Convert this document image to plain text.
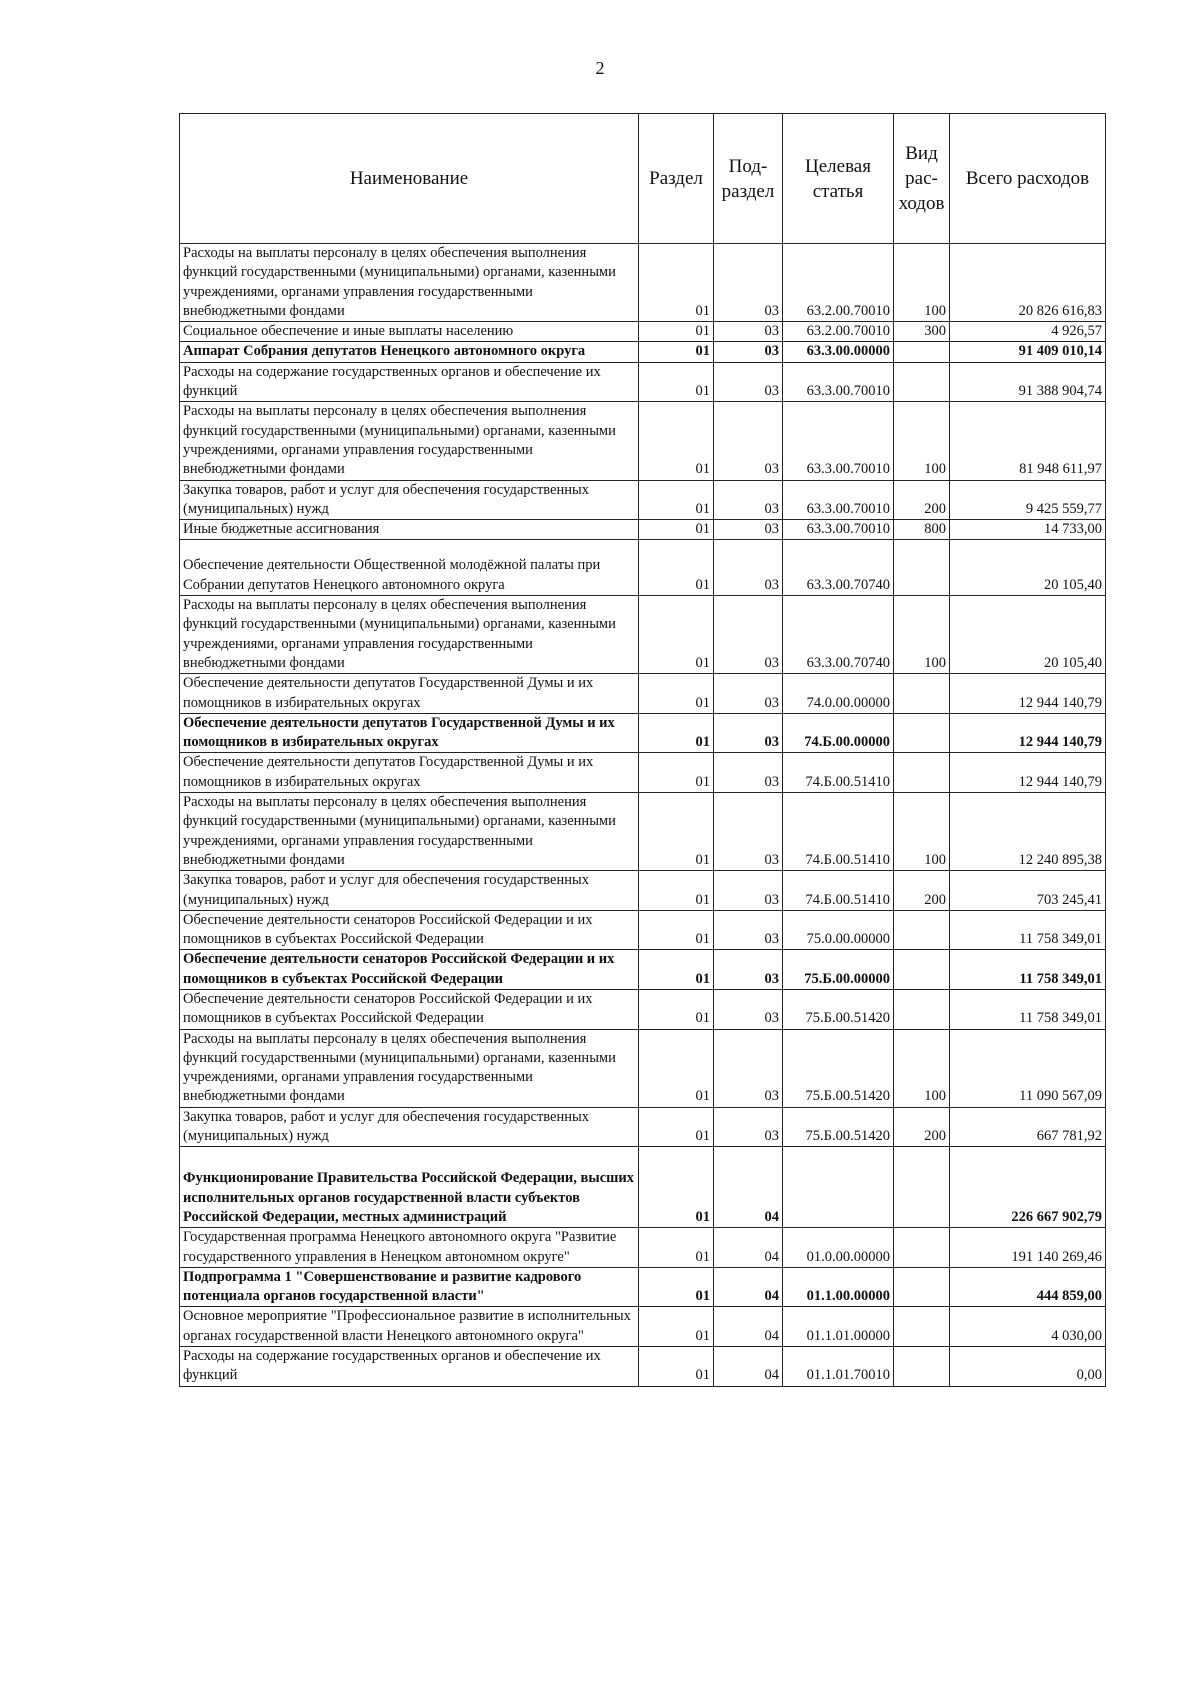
2
Наименование	Раздел	Под-раздел	Целевая статья	Вид рас-ходов	Всего расходов
Расходы на выплаты персоналу в целях обеспечения выполнения функций государственными (муниципальными) органами, казенными учреждениями, органами управления государственными внебюджетными фондами	01	03	63.2.00.70010	100	20 826 616,83
Социальное обеспечение и иные выплаты населению	01	03	63.2.00.70010	300	4 926,57
Аппарат Собрания депутатов Ненецкого автономного округа	01	03	63.3.00.00000		91 409 010,14
Расходы на содержание государственных органов и обеспечение их функций	01	03	63.3.00.70010		91 388 904,74
Расходы на выплаты персоналу в целях обеспечения выполнения функций государственными (муниципальными) органами, казенными учреждениями, органами управления государственными внебюджетными фондами	01	03	63.3.00.70010	100	81 948 611,97
Закупка товаров, работ и услуг для обеспечения государственных (муниципальных) нужд	01	03	63.3.00.70010	200	9 425 559,77
Иные бюджетные ассигнования	01	03	63.3.00.70010	800	14 733,00

Обеспечение деятельности Общественной молодёжной палаты при Собрании депутатов Ненецкого автономного округа	01	03	63.3.00.70740		20 105,40
Расходы на выплаты персоналу в целях обеспечения выполнения функций государственными (муниципальными) органами, казенными учреждениями, органами управления государственными внебюджетными фондами	01	03	63.3.00.70740	100	20 105,40
Обеспечение деятельности депутатов Государственной Думы и их помощников в избирательных округах	01	03	74.0.00.00000		12 944 140,79
Обеспечение деятельности депутатов Государственной Думы и их помощников в избирательных округах	01	03	74.Б.00.00000		12 944 140,79
Обеспечение деятельности депутатов Государственной Думы и их помощников в избирательных округах	01	03	74.Б.00.51410		12 944 140,79
Расходы на выплаты персоналу в целях обеспечения выполнения функций государственными (муниципальными) органами, казенными учреждениями, органами управления государственными внебюджетными фондами	01	03	74.Б.00.51410	100	12 240 895,38
Закупка товаров, работ и услуг для обеспечения государственных (муниципальных) нужд	01	03	74.Б.00.51410	200	703 245,41
Обеспечение деятельности сенаторов Российской Федерации и их помощников в субъектах Российской Федерации	01	03	75.0.00.00000		11 758 349,01
Обеспечение деятельности сенаторов Российской Федерации и их помощников в субъектах Российской Федерации	01	03	75.Б.00.00000		11 758 349,01
Обеспечение деятельности сенаторов Российской Федерации и их помощников в субъектах Российской Федерации	01	03	75.Б.00.51420		11 758 349,01
Расходы на выплаты персоналу в целях обеспечения выполнения функций государственными (муниципальными) органами, казенными учреждениями, органами управления государственными внебюджетными фондами	01	03	75.Б.00.51420	100	11 090 567,09
Закупка товаров, работ и услуг для обеспечения государственных (муниципальных) нужд	01	03	75.Б.00.51420	200	667 781,92

Функционирование Правительства Российской Федерации, высших исполнительных органов государственной власти субъектов Российской Федерации, местных администраций	01	04			226 667 902,79
Государственная программа Ненецкого автономного округа "Развитие государственного управления в Ненецком автономном округе"	01	04	01.0.00.00000		191 140 269,46
Подпрограмма 1 "Совершенствование и развитие кадрового потенциала органов государственной власти"	01	04	01.1.00.00000		444 859,00
Основное мероприятие "Профессиональное развитие в исполнительных органах государственной власти Ненецкого автономного округа"	01	04	01.1.01.00000		4 030,00
Расходы на содержание государственных органов и обеспечение их функций	01	04	01.1.01.70010		0,00
